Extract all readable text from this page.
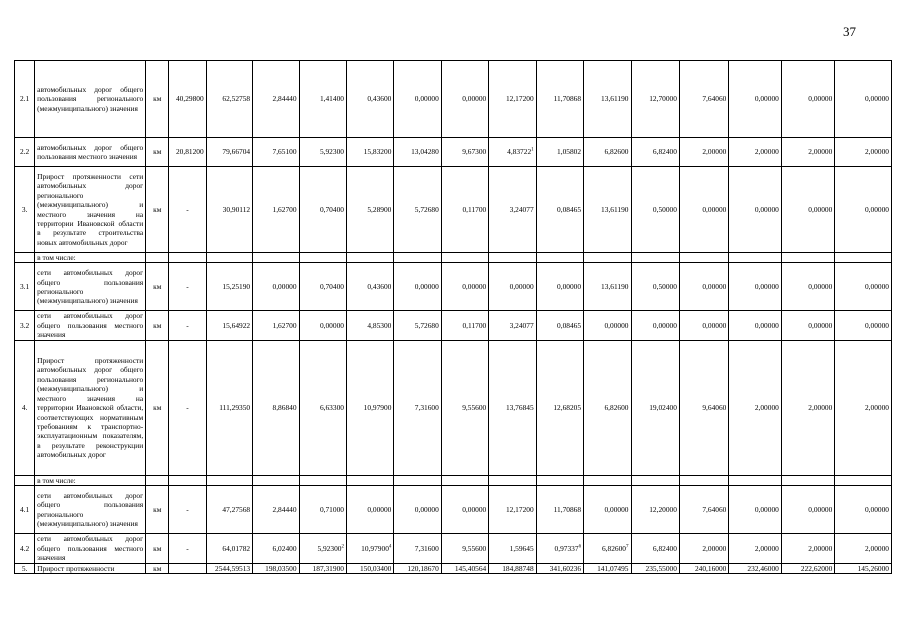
37
2.1	автомобильных дорог общего пользования регионального (межмуниципального) значения	км	40,29800	62,52758	2,84440	1,41400	0,43600	0,00000	0,00000	12,17200	11,70868	13,61190	12,70000	7,64060	0,00000	0,00000	0,00000
2.2	автомобильных дорог общего пользования местного значения	км	20,81200	79,66704	7,65100	5,92300	15,83200	13,04280	9,67300	4,83722$^1$	1,05802	6,82600	6,82400	2,00000	2,00000	2,00000	2,00000
3.	Прирост протяженности сети автомобильных дорог регионального (межмуниципального) и местного значения на территории Ивановской области в результате строительства новых автомобильных дорог	км	-	30,90112	1,62700	0,70400	5,28900	5,72680	0,11700	3,24077	0,08465	13,61190	0,50000	0,00000	0,00000	0,00000	0,00000
	в том числе:																
3.1	сети автомобильных дорог общего пользования регионального (межмуниципального) значения	км	-	15,25190	0,00000	0,70400	0,43600	0,00000	0,00000	0,00000	0,00000	13,61190	0,50000	0,00000	0,00000	0,00000	0,00000
3.2	сети автомобильных дорог общего пользования местного значения	км	-	15,64922	1,62700	0,00000	4,85300	5,72680	0,11700	3,24077	0,08465	0,00000	0,00000	0,00000	0,00000	0,00000	0,00000
4.	Прирост протяженности автомобильных дорог общего пользования регионального (межмуниципального) и местного значения на территории Ивановской области, соответствующих нормативным требованиям к транспортно-эксплуатационным показателям, в результате реконструкции автомобильных дорог	км	-	111,29350	8,86840	6,63300	10,97900	7,31600	9,55600	13,76845	12,68205	6,82600	19,02400	9,64060	2,00000	2,00000	2,00000
	в том числе:																
4.1	сети автомобильных дорог общего пользования регионального (межмуниципального) значения	км	-	47,27568	2,84440	0,71000	0,00000	0,00000	0,00000	12,17200	11,70868	0,00000	12,20000	7,64060	0,00000	0,00000	0,00000
4.2	сети автомобильных дорог общего пользования местного значения	км	-	64,01782	6,02400	5,92300$^2$	10,97900$^4$	7,31600	9,55600	1,59645	0,97337$^6$	6,82600$^7$	6,82400	2,00000	2,00000	2,00000	2,00000
5.	Прирост протяженности	км		2544,59513	198,03500	187,31900	150,03400	120,18670	145,40564	184,88748	341,60236	141,07495	235,55000	240,16000	232,46000	222,62000	145,26000
